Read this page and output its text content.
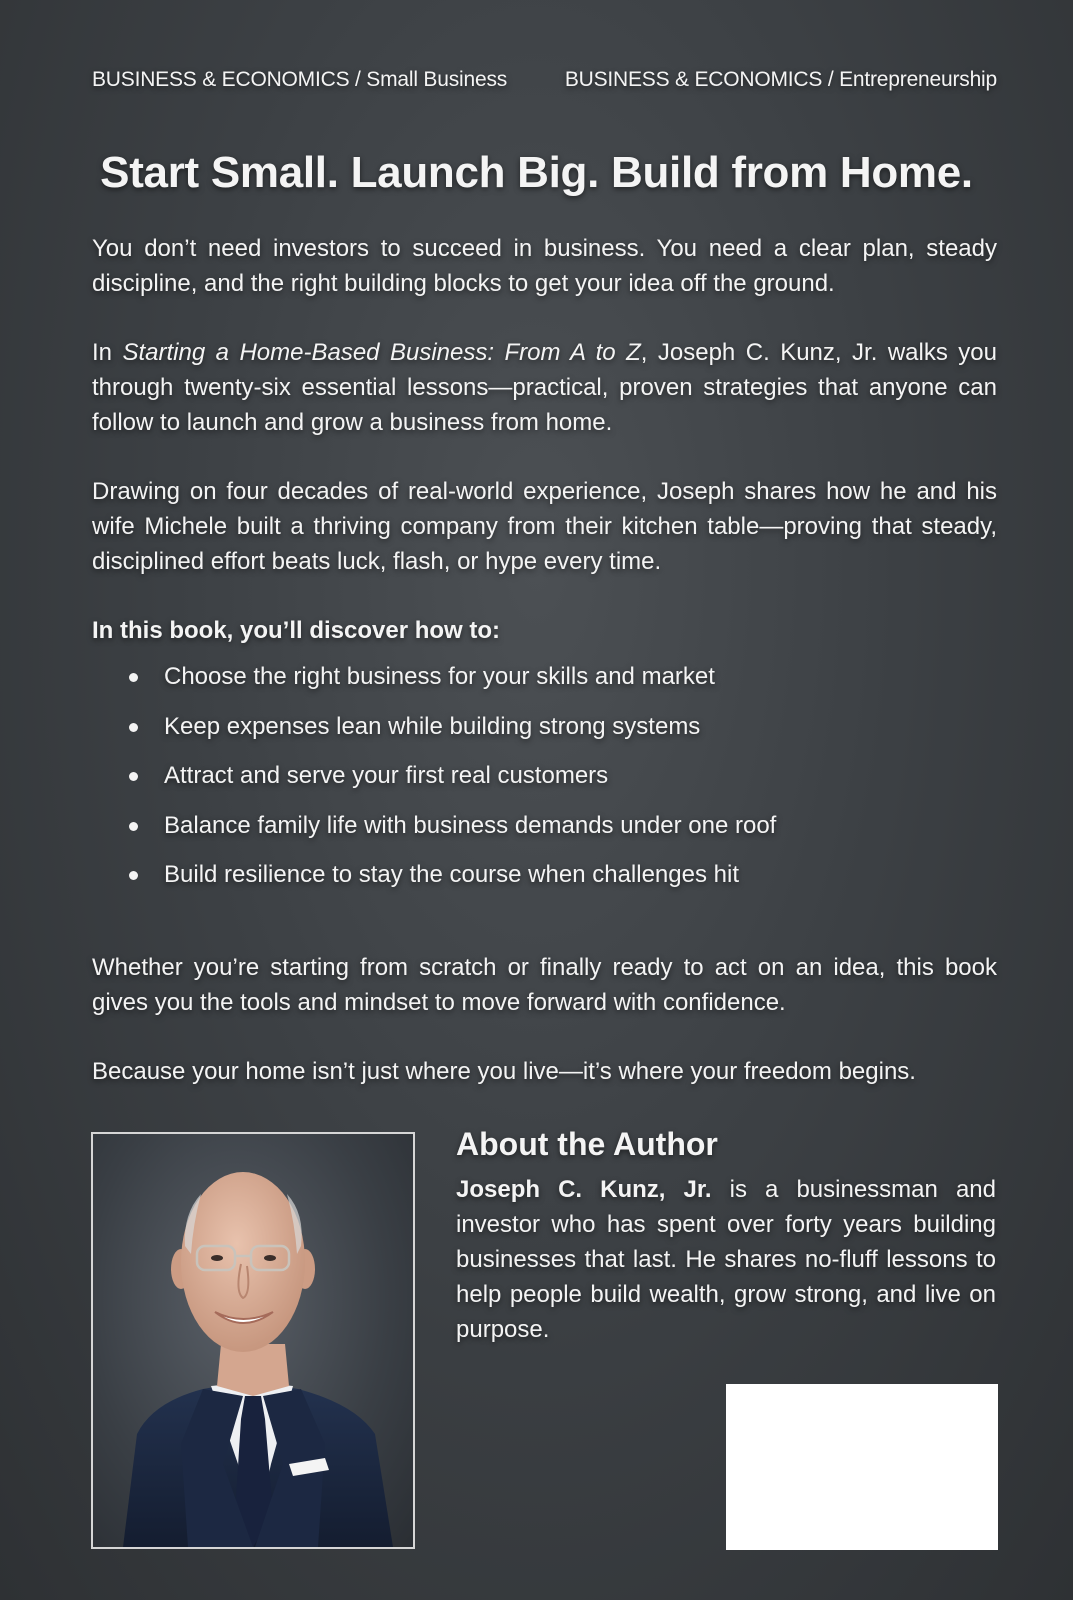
BUSINESS & ECONOMICS / Small Business	BUSINESS & ECONOMICS / Entrepreneurship
Start Small. Launch Big. Build from Home.

You don’t need investors to succeed in business. You need a clear plan, steady discipline, and the right building blocks to get your idea off the ground.

In Starting a Home-Based Business: From A to Z, Joseph C. Kunz, Jr. walks you through twenty-six essential lessons—practical, proven strategies that anyone can follow to launch and grow a business from home.

Drawing on four decades of real-world experience, Joseph shares how he and his wife Michele built a thriving company from their kitchen table—proving that steady, disciplined effort beats luck, flash, or hype every time.

In this book, you’ll discover how to:

Choose the right business for your skills and market
Keep expenses lean while building strong systems
Attract and serve your first real customers
Balance family life with business demands under one roof
Build resilience to stay the course when challenges hit

Whether you’re starting from scratch or finally ready to act on an idea, this book gives you the tools and mindset to move forward with confidence.

Because your home isn’t just where you live—it’s where your freedom begins.

About the Author

Joseph C. Kunz, Jr. is a businessman and investor who has spent over forty years building businesses that last. He shares no-fluff lessons to help people build wealth, grow strong, and live on purpose.
